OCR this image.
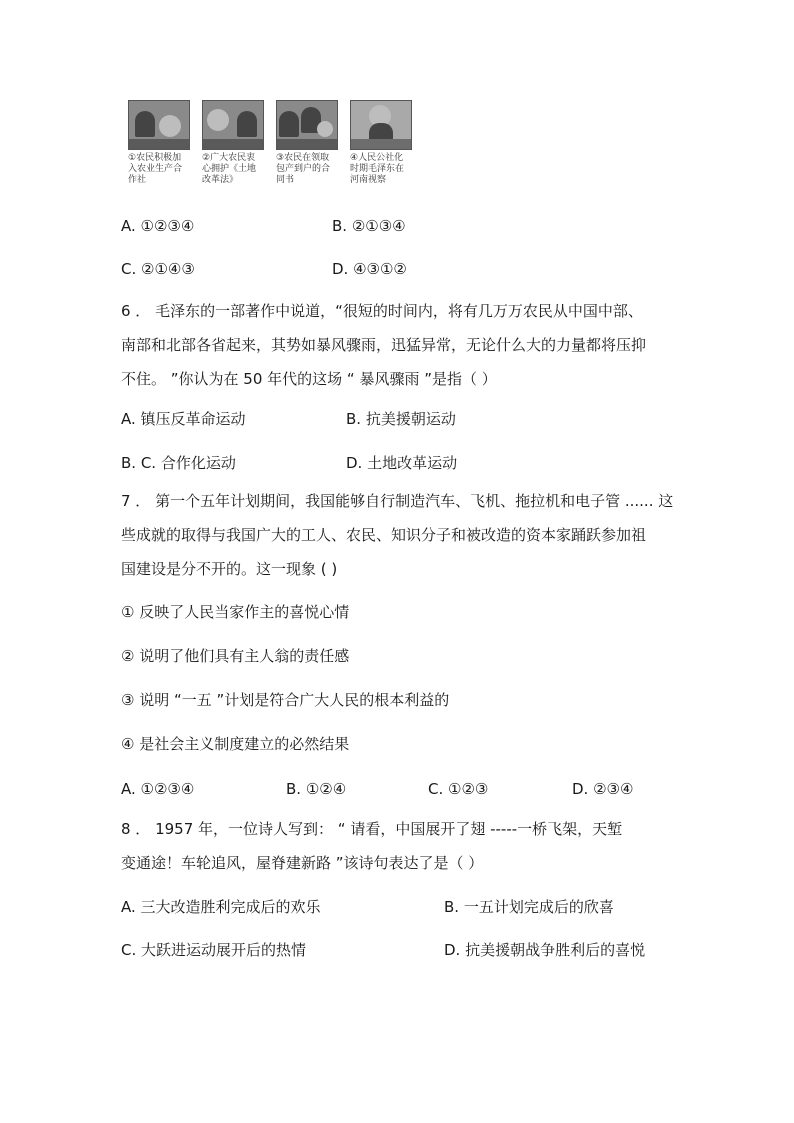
①农民积极加入农业生产合作社
②广大农民衷心拥护《土地改革法》
③农民在领取包产到户的合同书
④人民公社化时期毛泽东在河南视察
A. ①②③④	B. ②①③④
C. ②①④③	D. ④③①②
6 ． 毛泽东的一部著作中说道，“很短的时间内，将有几万万农民从中国中部、
南部和北部各省起来，其势如暴风骤雨，迅猛异常，无论什么大的力量都将压抑
不住。 ”你认为在 50 年代的这场 “ 暴风骤雨 ”是指（ ）
A. 镇压反革命运动	B. 抗美援朝运动
B. C. 合作化运动	D. 土地改革运动
7 ． 第一个五年计划期间，我国能够自行制造汽车、飞机、拖拉机和电子管 ...... 这
些成就的取得与我国广大的工人、农民、知识分子和被改造的资本家踊跃参加祖
国建设是分不开的。这一现象 ( )
① 反映了人民当家作主的喜悦心情
② 说明了他们具有主人翁的责任感
③ 说明 “一五 ”计划是符合广大人民的根本利益的
④ 是社会主义制度建立的必然结果
A. ①②③④	B. ①②④	C. ①②③	D. ②③④
8 ． 1957 年，一位诗人写到： “ 请看，中国展开了翅 -----一桥飞架，天堑
变通途！车轮追风，屋脊建新路 ”该诗句表达了是（ ）
A. 三大改造胜利完成后的欢乐	B. 一五计划完成后的欣喜
C. 大跃进运动展开后的热情	D. 抗美援朝战争胜利后的喜悦
